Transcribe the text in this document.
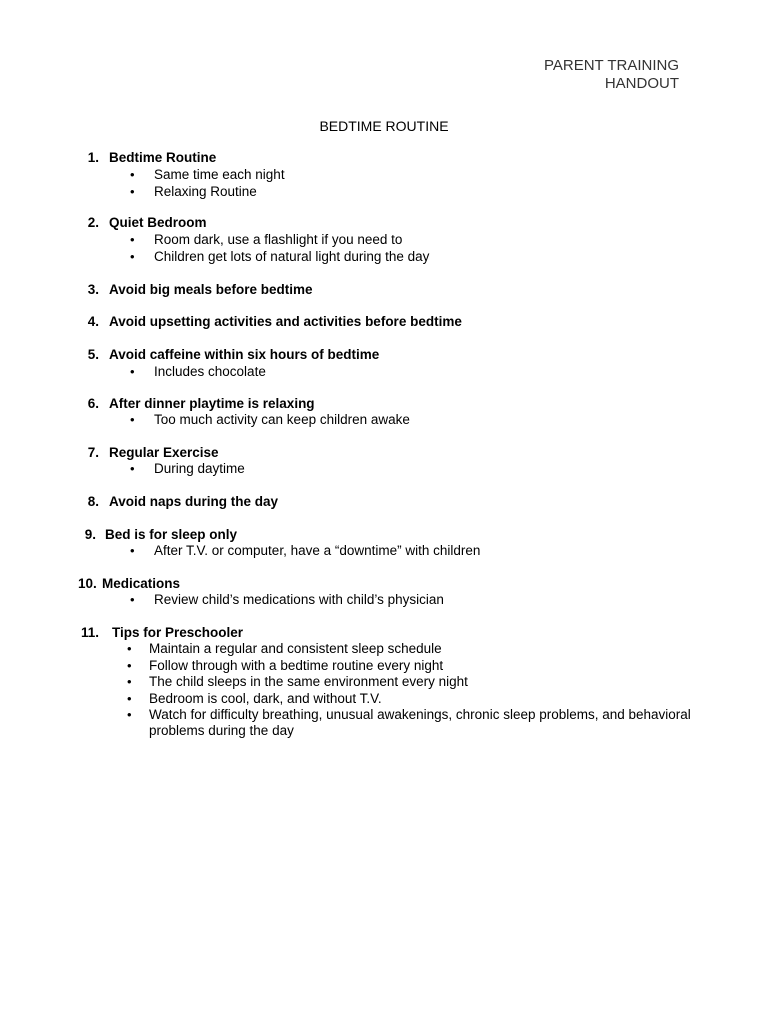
PARENT TRAINING
HANDOUT
BEDTIME ROUTINE
1. Bedtime Routine
• Same time each night
• Relaxing Routine
2. Quiet Bedroom
• Room dark, use a flashlight if you need to
• Children get lots of natural light during the day
3. Avoid big meals before bedtime
4. Avoid upsetting activities and activities before bedtime
5. Avoid caffeine within six hours of bedtime
• Includes chocolate
6. After dinner playtime is relaxing
• Too much activity can keep children awake
7. Regular Exercise
• During daytime
8. Avoid naps during the day
9. Bed is for sleep only
• After T.V. or computer, have a “downtime” with children
10. Medications
• Review child’s medications with child’s physician
11. Tips for Preschooler
• Maintain a regular and consistent sleep schedule
• Follow through with a bedtime routine every night
• The child sleeps in the same environment every night
• Bedroom is cool, dark, and without T.V.
• Watch for difficulty breathing, unusual awakenings, chronic sleep problems, and behavioral problems during the day
